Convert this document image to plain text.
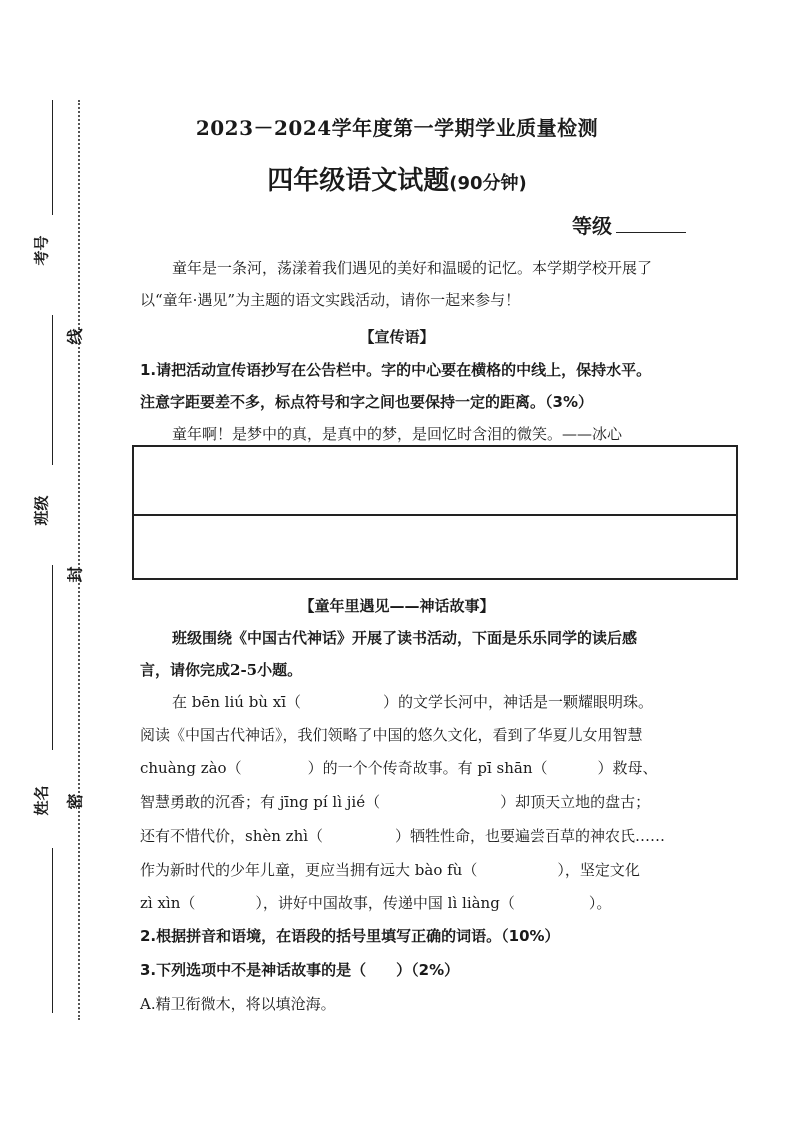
考号
班级
姓名
线
封
密
2023－2024学年度第一学期学业质量检测
四年级语文试题(90分钟)
等级
童年是一条河，荡漾着我们遇见的美好和温暖的记忆。本学期学校开展了
以“童年·遇见”为主题的语文实践活动，请你一起来参与！
【宣传语】
1.请把活动宣传语抄写在公告栏中。字的中心要在横格的中线上，保持水平。
注意字距要差不多，标点符号和字之间也要保持一定的距离。（3%）
童年啊！是梦中的真，是真中的梦，是回忆时含泪的微笑。——冰心
【童年里遇见——神话故事】
班级围绕《中国古代神话》开展了读书活动，下面是乐乐同学的读后感
言，请你完成2-5小题。
在 bēn liú bù xī（	）的文学长河中，神话是一颗耀眼明珠。
阅读《中国古代神话》，我们领略了中国的悠久文化，看到了华夏儿女用智慧
chuàng zào（	）的一个个传奇故事。有 pī shān（	）救母、
智慧勇敢的沉香；有 jīng pí lì jié（	）却顶天立地的盘古；
还有不惜代价，shèn zhì（	）牺牲性命，也要遍尝百草的神农氏……
作为新时代的少年儿童，更应当拥有远大 bào fù（	），坚定文化
zì xìn（	），讲好中国故事，传递中国 lì liàng（	）。
2.根据拼音和语境，在语段的括号里填写正确的词语。（10%）
3.下列选项中不是神话故事的是（　　）（2%）
A.精卫衔微木，将以填沧海。
